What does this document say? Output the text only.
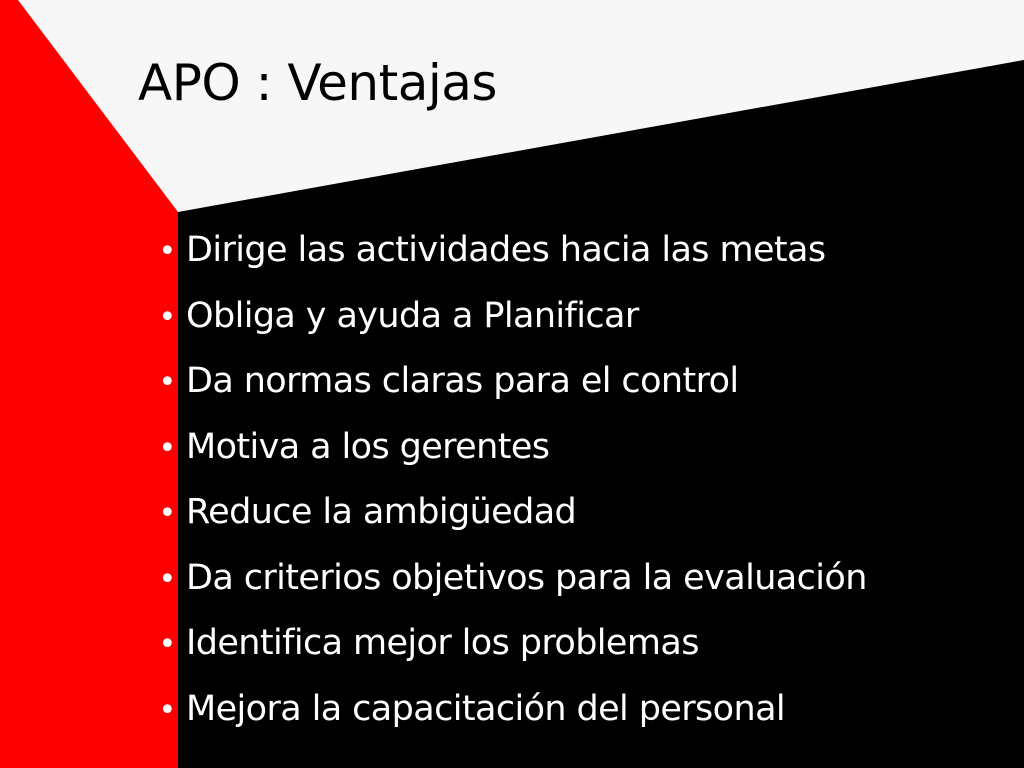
APO : Ventajas
• Dirige las actividades hacia las metas
• Obliga y ayuda a Planificar
• Da normas claras para el control
• Motiva a los gerentes
• Reduce la ambigüedad
• Da criterios objetivos para la evaluación
• Identifica mejor los problemas
• Mejora la capacitación del personal
